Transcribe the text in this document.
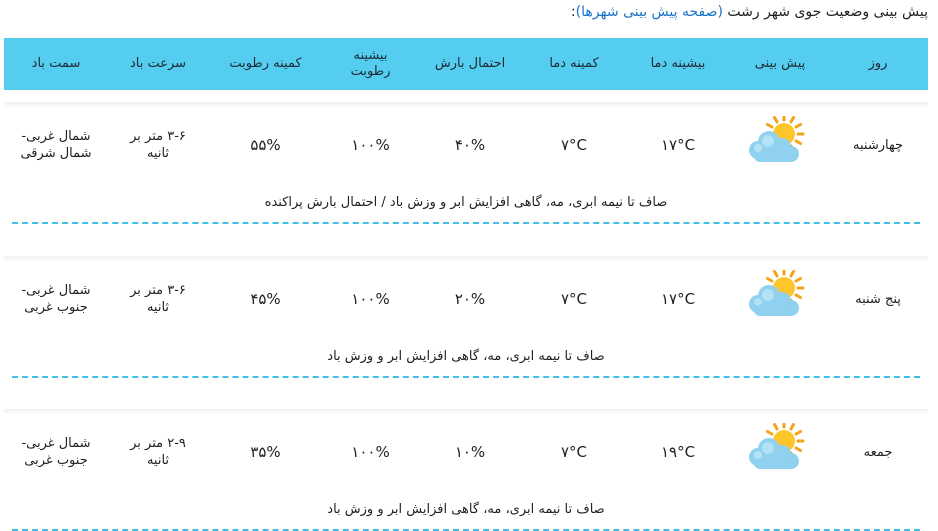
پیش بینی وضعیت جوی شهر رشت (صفحه پیش بینی شهرها):
روز
پیش بینی
بیشینه دما
کمینه دما
احتمال بارش
بیشینه رطوبت
کمینه رطوبت
سرعت باد
سمت باد
چهارشنبه
۱۷°C
۷°C
۴۰%
۱۰۰%
۵۵%
۳-۶ متر بر
ثانیه
شمال غربی-
شمال شرقی
صاف تا نیمه ابری، مه، گاهی افزایش ابر و وزش باد / احتمال بارش پراکنده
پنج شنبه
۱۷°C
۷°C
۲۰%
۱۰۰%
۴۵%
۳-۶ متر بر
ثانیه
شمال غربی-
جنوب غربی
صاف تا نیمه ابری، مه، گاهی افزایش ابر و وزش باد
جمعه
۱۹°C
۷°C
۱۰%
۱۰۰%
۳۵%
۲-۹ متر بر
ثانیه
شمال غربی-
جنوب غربی
صاف تا نیمه ابری، مه، گاهی افزایش ابر و وزش باد
